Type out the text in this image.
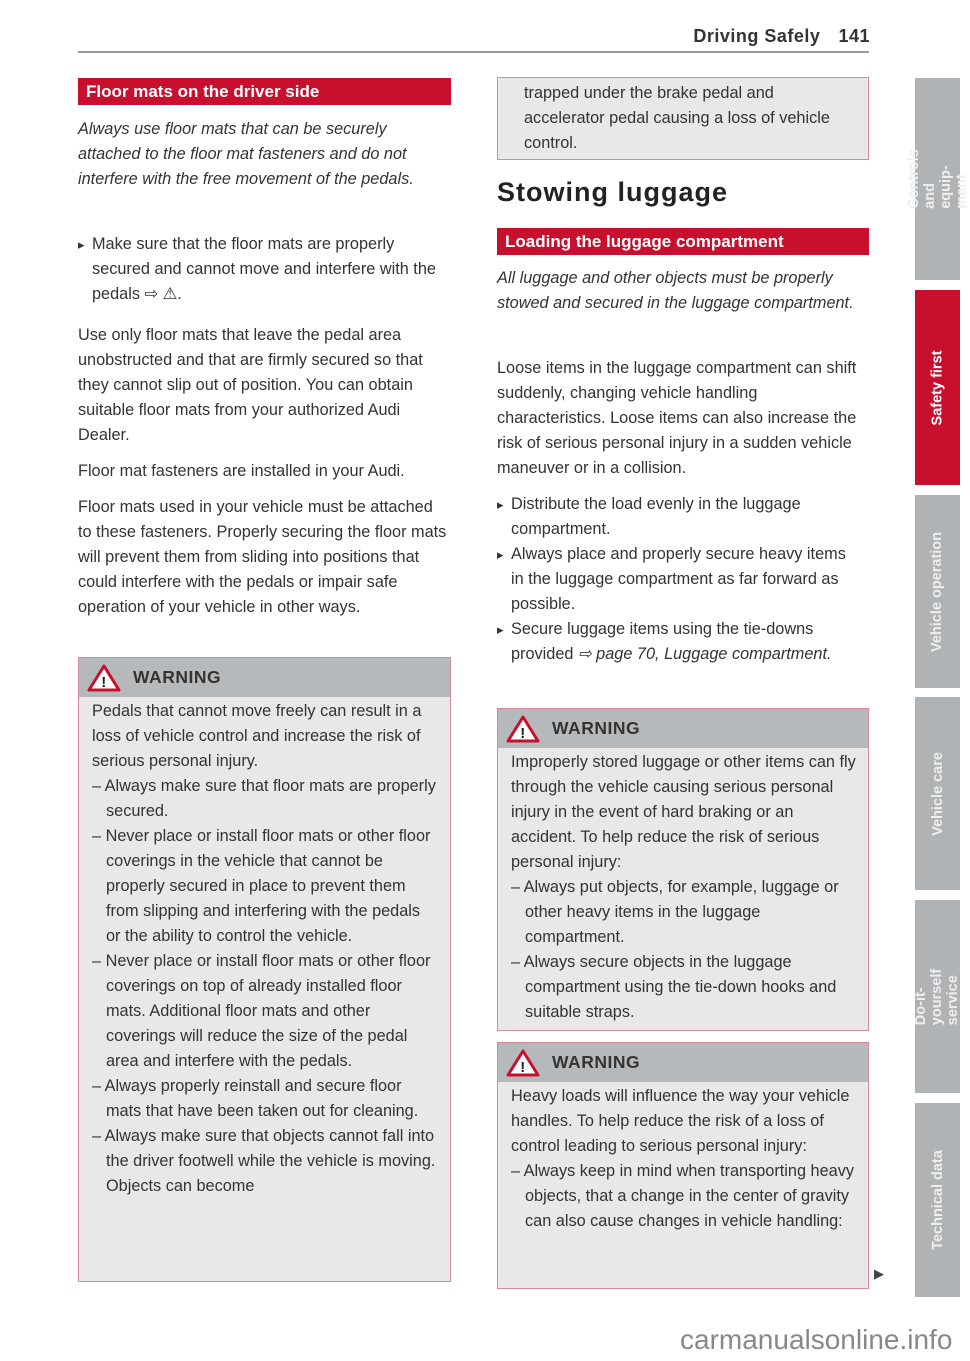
Driving Safely 141
Floor mats on the driver side

Always use floor mats that can be securely attached to the floor mat fasteners and do not interfere with the free movement of the pedals.

▸ Make sure that the floor mats are properly secured and cannot move and interfere with the pedals ⇨ ⚠.

Use only floor mats that leave the pedal area unobstructed and that are firmly secured so that they cannot slip out of position. You can obtain suitable floor mats from your authorized Audi Dealer.

Floor mat fasteners are installed in your Audi.

Floor mats used in your vehicle must be attached to these fasteners. Properly securing the floor mats will prevent them from sliding into positions that could interfere with the pedals or impair safe operation of your vehicle in other ways.

! WARNING

Pedals that cannot move freely can result in a loss of vehicle control and increase the risk of serious personal injury.

– Always make sure that floor mats are properly secured.

– Never place or install floor mats or other floor coverings in the vehicle that cannot be properly secured in place to prevent them from slipping and interfering with the pedals or the ability to control the vehicle.

– Never place or install floor mats or other floor coverings on top of already installed floor mats. Additional floor mats and other coverings will reduce the size of the pedal area and interfere with the pedals.

– Always properly reinstall and secure floor mats that have been taken out for cleaning.

– Always make sure that objects cannot fall into the driver footwell while the vehicle is moving. Objects can become

trapped under the brake pedal and accelerator pedal causing a loss of vehicle control.

Stowing luggage
Loading the luggage compartment

All luggage and other objects must be properly stowed and secured in the luggage compartment.

Loose items in the luggage compartment can shift suddenly, changing vehicle handling characteristics. Loose items can also increase the risk of serious personal injury in a sudden vehicle maneuver or in a collision.

▸ Distribute the load evenly in the luggage compartment.

▸ Always place and properly secure heavy items in the luggage compartment as far forward as possible.

▸ Secure luggage items using the tie-downs provided ⇨ page 70, Luggage compartment.

! WARNING

Improperly stored luggage or other items can fly through the vehicle causing serious personal injury in the event of hard braking or an accident. To help reduce the risk of serious personal injury:

– Always put objects, for example, luggage or other heavy items in the luggage compartment.

– Always secure objects in the luggage compartment using the tie-down hooks and suitable straps.

! WARNING

Heavy loads will influence the way your vehicle handles. To help reduce the risk of a loss of control leading to serious personal injury:

– Always keep in mind when transporting heavy objects, that a change in the center of gravity can also cause changes in vehicle handling:

▶
Controls and equip- ment
Safety first
Vehicle operation
Vehicle care
Do-it-yourself service
Technical data
carmanualsonline.info
